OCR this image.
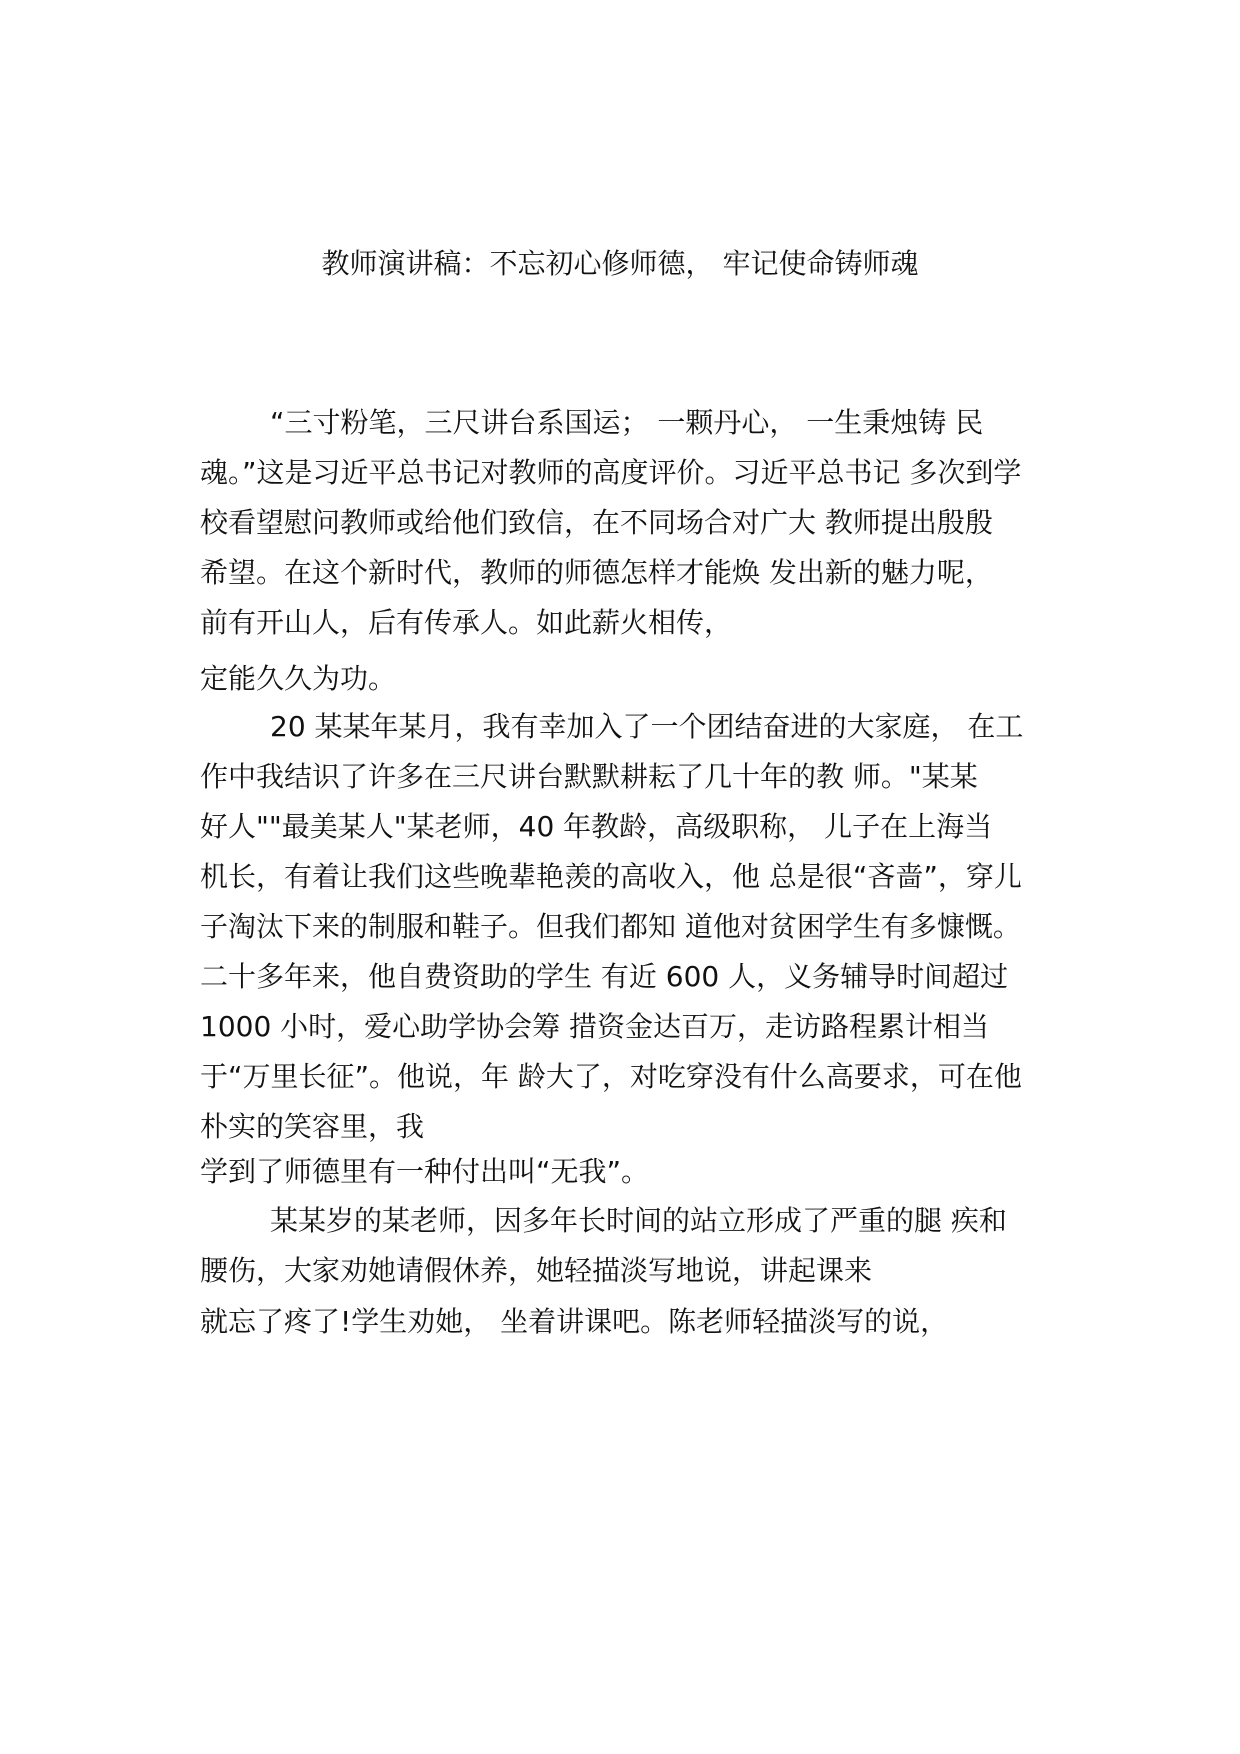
教师演讲稿：不忘初心修师德， 牢记使命铸师魂
“三寸粉笔，三尺讲台系国运； 一颗丹心， 一生秉烛铸 民
魂。”这是习近平总书记对教师的高度评价。习近平总书记 多次到学
校看望慰问教师或给他们致信，在不同场合对广大 教师提出殷殷
希望。在这个新时代，教师的师德怎样才能焕 发出新的魅力呢，
前有开山人，后有传承人。如此薪火相传，
定能久久为功。
20 某某年某月，我有幸加入了一个团结奋进的大家庭， 在工
作中我结识了许多在三尺讲台默默耕耘了几十年的教 师。"某某
好人""最美某人"某老师，40 年教龄，高级职称， 儿子在上海当
机长，有着让我们这些晚辈艳羡的高收入，他 总是很“吝啬”，穿儿
子淘汰下来的制服和鞋子。但我们都知 道他对贫困学生有多慷慨。
二十多年来，他自费资助的学生 有近 600 人，义务辅导时间超过
1000 小时，爱心助学协会筹 措资金达百万，走访路程累计相当
于“万里长征”。他说，年 龄大了，对吃穿没有什么高要求，可在他
朴实的笑容里，我
学到了师德里有一种付出叫“无我”。
某某岁的某老师，因多年长时间的站立形成了严重的腿 疾和
腰伤，大家劝她请假休养，她轻描淡写地说，讲起课来
就忘了疼了!学生劝她， 坐着讲课吧。陈老师轻描淡写的说，
